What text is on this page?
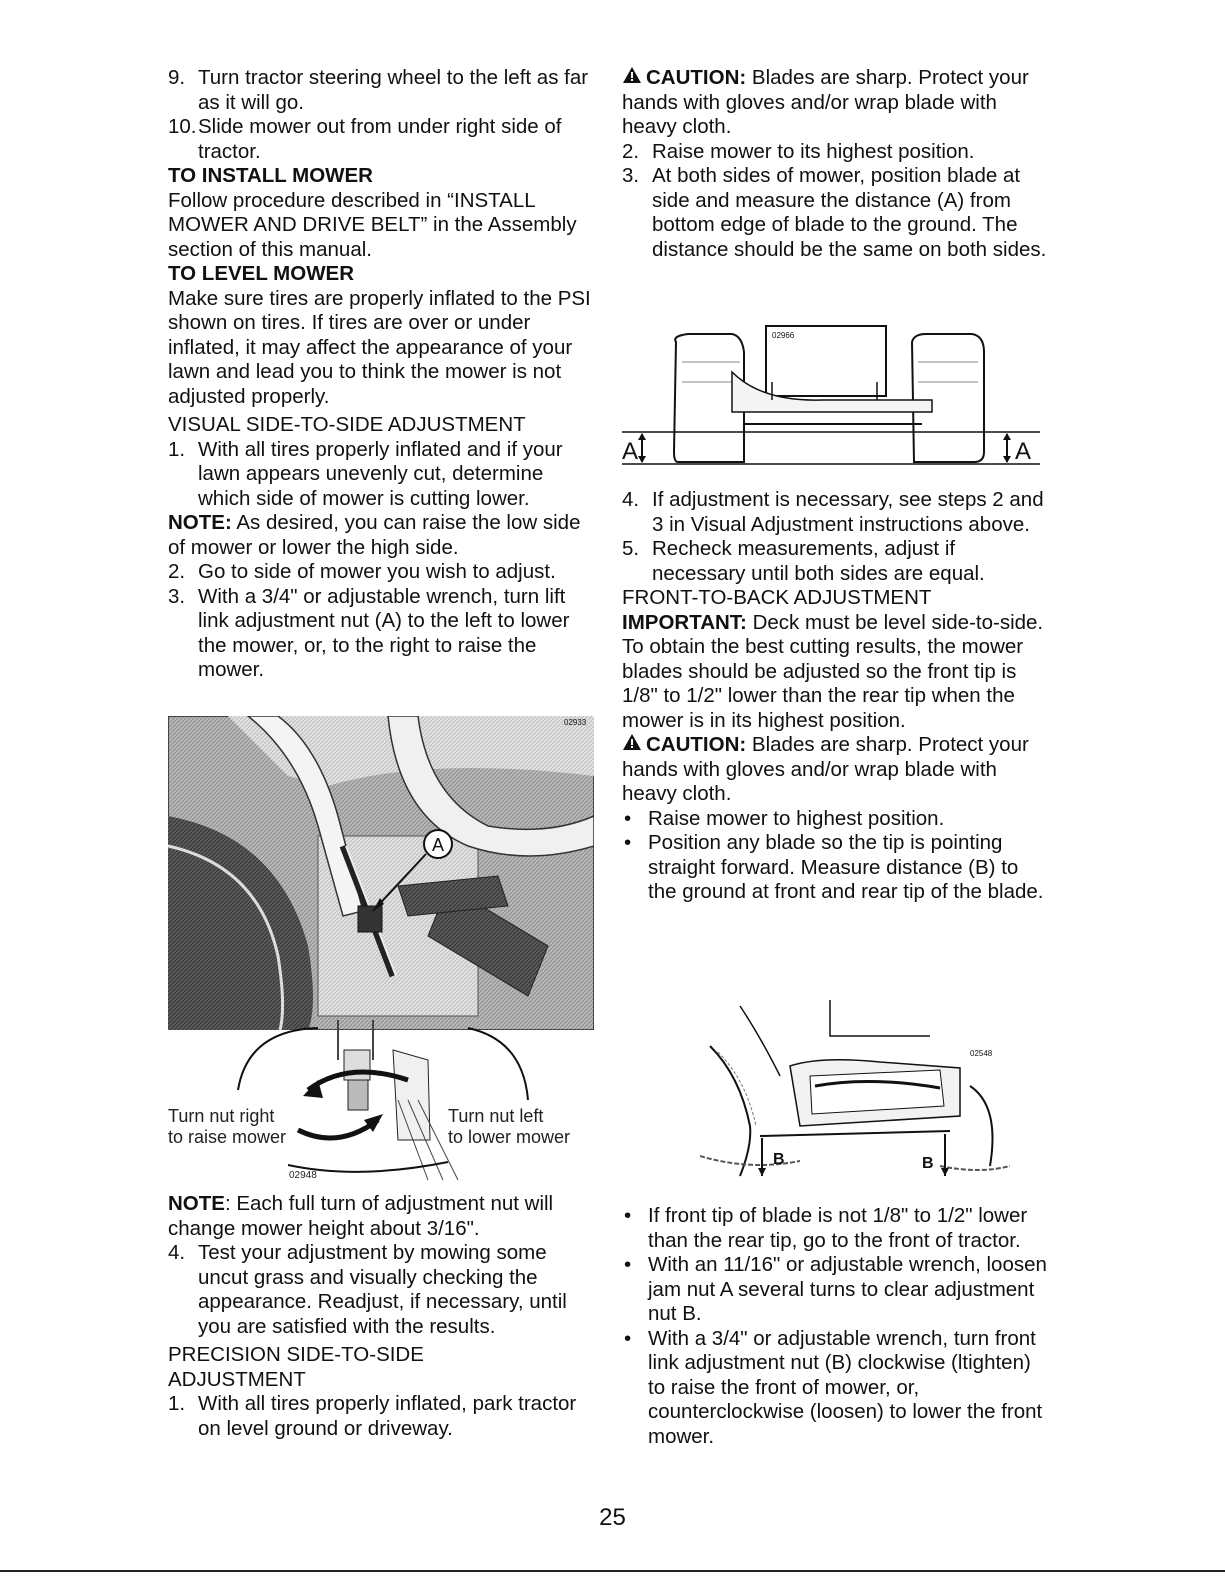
9. Turn tractor steering wheel to the left as far as it will go.
10. Slide mower out from under right side of tractor.

TO INSTALL MOWER

Follow procedure described in “INSTALL MOWER AND DRIVE BELT” in the Assembly section of this manual.

TO LEVEL MOWER

Make sure tires are properly inflated to the PSI shown on tires. If tires are over or under inflated, it may affect the appearance of your lawn and lead you to think the mower is not adjusted properly.

VISUAL SIDE-TO-SIDE ADJUSTMENT

1. With all tires properly inflated and if your lawn appears unevenly cut, determine which side of mower is cutting lower.

NOTE: As desired, you can raise the low side of mower or lower the high side.

2. Go to side of mower you wish to adjust.
3. With a 3/4" or adjustable wrench, turn lift link adjustment nut (A) to the left to lower the mower, or, to the right to raise the mower.
A
02933
02948
Turn nut right
to raise mower
Turn nut left
to lower mower

NOTE: Each full turn of adjustment nut will change mower height about 3/16".

4. Test your adjustment by mowing some uncut grass and visually checking the appearance. Readjust, if necessary, until you are satisfied with the results.

PRECISION SIDE-TO-SIDE

ADJUSTMENT

1. With all tires properly inflated, park tractor on level ground or driveway.

CAUTION: Blades are sharp. Protect your hands with gloves and/or wrap blade with heavy cloth.

2. Raise mower to its highest position.
3. At both sides of mower, position blade at side and measure the distance (A) from bottom edge of blade to the ground. The distance should be the same on both sides.
A	A
02966
4. If adjustment is necessary, see steps 2 and 3 in Visual Adjustment instructions above.
5. Recheck measurements, adjust if necessary until both sides are equal.

FRONT-TO-BACK ADJUSTMENT

IMPORTANT: Deck must be level side-to-side.

To obtain the best cutting results, the mower blades should be adjusted so the front tip is 1/8" to 1/2" lower than the rear tip when the mower is in its highest position.

CAUTION: Blades are sharp. Protect your hands with gloves and/or wrap blade with heavy cloth.

• Raise mower to highest position.
• Position any blade so the tip is pointing straight forward. Measure distance (B) to the ground at front and rear tip of the blade.
B	B
02548
• If front tip of blade is not 1/8" to 1/2" lower than the rear tip, go to the front of tractor.
• With an 11/16" or adjustable wrench, loosen jam nut A several turns to clear adjustment nut B.
• With a 3/4" or adjustable wrench, turn front link adjustment nut (B) clockwise (ltighten) to raise the front of mower, or, counterclockwise (loosen) to lower the front mower.
25
